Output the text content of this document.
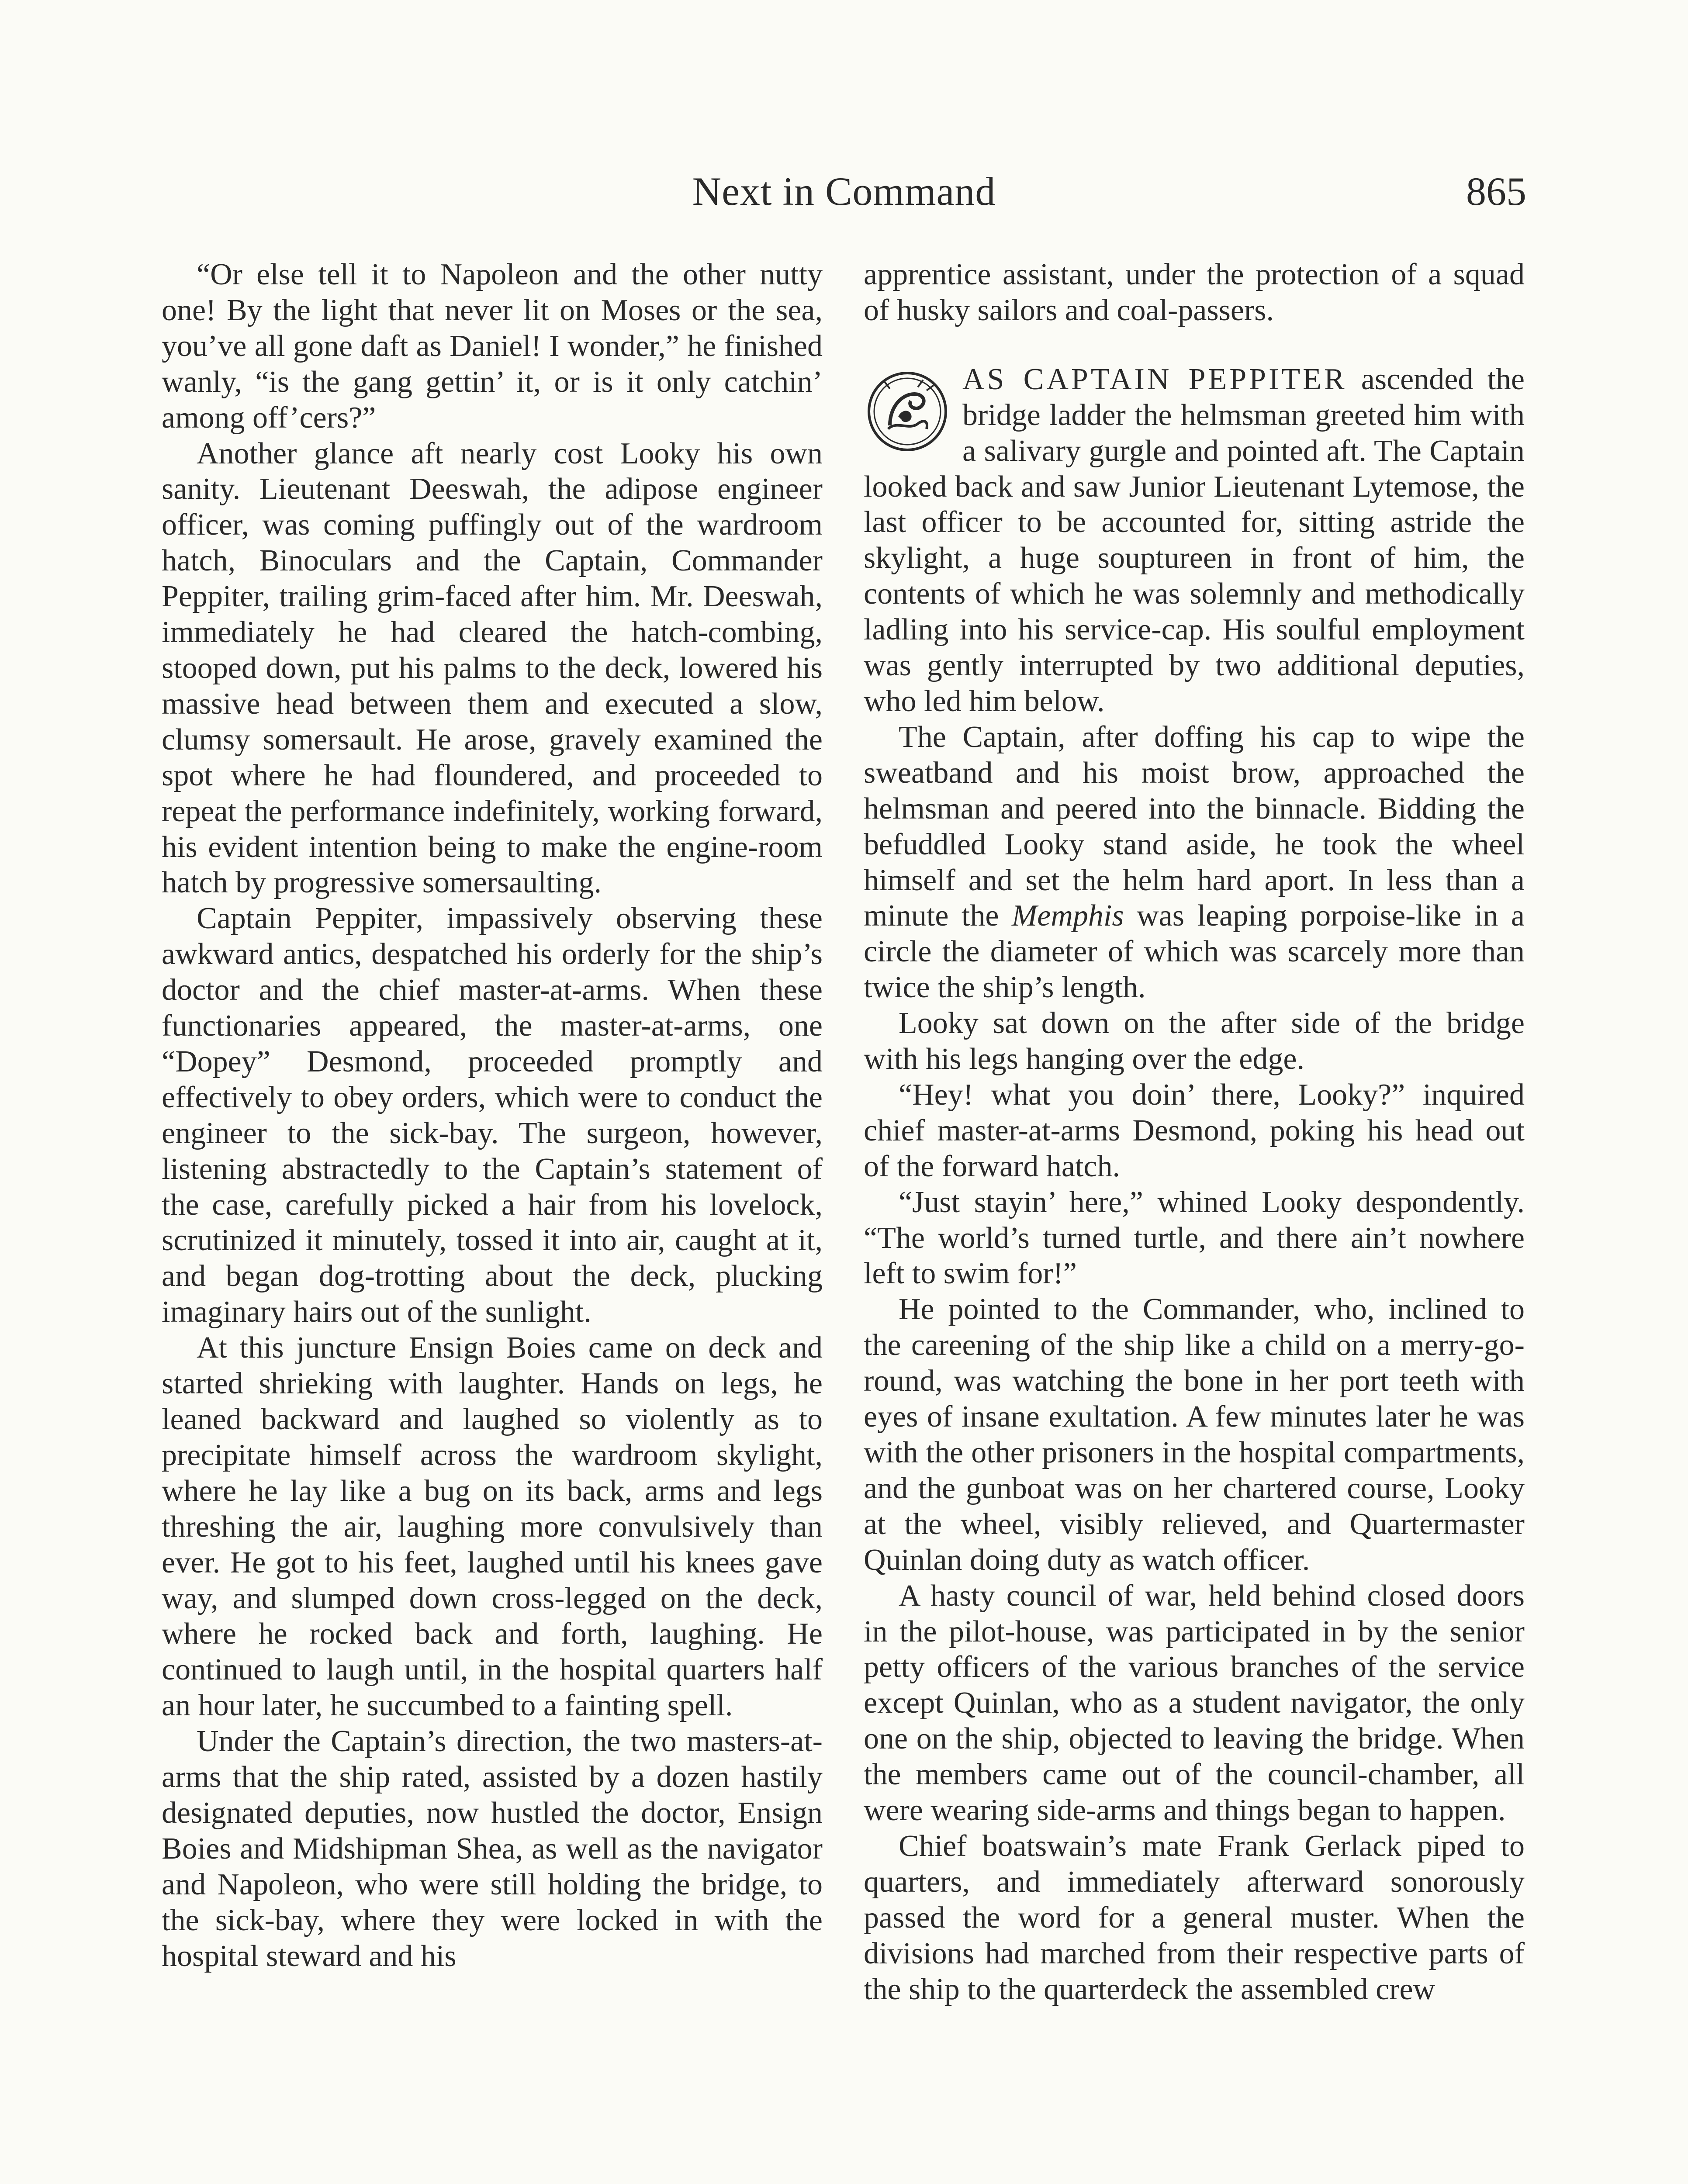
Next in Command	865

“Or else tell it to Napoleon and the other nutty one! By the light that never lit on Moses or the sea, you’ve all gone daft as Daniel! I wonder,” he finished wanly, “is the gang gettin’ it, or is it only catchin’ among off’cers?”

Another glance aft nearly cost Looky his own sanity. Lieutenant Deeswah, the adipose engineer officer, was coming puffingly out of the wardroom hatch, Binoculars and the Captain, Commander Peppiter, trailing grim-faced after him. Mr. Deeswah, immediately he had cleared the hatch-combing, stooped down, put his palms to the deck, lowered his massive head between them and executed a slow, clumsy somersault. He arose, gravely examined the spot where he had floundered, and proceeded to repeat the performance indefinitely, working forward, his evident intention being to make the engine-room hatch by progressive somersaulting.

Captain Peppiter, impassively observing these awkward antics, despatched his orderly for the ship’s doctor and the chief master-at-arms. When these functionaries appeared, the master-at-arms, one “Dopey” Desmond, proceeded promptly and effectively to obey orders, which were to conduct the engineer to the sick-bay. The surgeon, however, listening abstractedly to the Captain’s statement of the case, carefully picked a hair from his lovelock, scrutinized it minutely, tossed it into air, caught at it, and began dog-trotting about the deck, plucking imaginary hairs out of the sunlight.

At this juncture Ensign Boies came on deck and started shrieking with laughter. Hands on legs, he leaned backward and laughed so violently as to precipitate himself across the wardroom skylight, where he lay like a bug on its back, arms and legs threshing the air, laughing more convulsively than ever. He got to his feet, laughed until his knees gave way, and slumped down cross-legged on the deck, where he rocked back and forth, laughing. He continued to laugh until, in the hospital quarters half an hour later, he succumbed to a fainting spell.

Under the Captain’s direction, the two masters-at-arms that the ship rated, assisted by a dozen hastily designated deputies, now hustled the doctor, Ensign Boies and Midshipman Shea, as well as the navigator and Napoleon, who were still holding the bridge, to the sick-bay, where they were locked in with the hospital steward and his

apprentice assistant, under the protection of a squad of husky sailors and coal-passers.

AS CAPTAIN PEPPITER ascended the bridge ladder the helmsman greeted him with a salivary gurgle and pointed aft. The Captain looked back and saw Junior Lieutenant Lytemose, the last officer to be accounted for, sitting astride the skylight, a huge souptureen in front of him, the contents of which he was solemnly and methodically ladling into his service-cap. His soulful employment was gently interrupted by two additional deputies, who led him below.

The Captain, after doffing his cap to wipe the sweatband and his moist brow, approached the helmsman and peered into the binnacle. Bidding the befuddled Looky stand aside, he took the wheel himself and set the helm hard aport. In less than a minute the Memphis was leaping porpoise-like in a circle the diameter of which was scarcely more than twice the ship’s length.

Looky sat down on the after side of the bridge with his legs hanging over the edge.

“Hey! what you doin’ there, Looky?” inquired chief master-at-arms Desmond, poking his head out of the forward hatch.

“Just stayin’ here,” whined Looky despondently. “The world’s turned turtle, and there ain’t nowhere left to swim for!”

He pointed to the Commander, who, inclined to the careening of the ship like a child on a merry-go-round, was watching the bone in her port teeth with eyes of insane exultation. A few minutes later he was with the other prisoners in the hospital compartments, and the gunboat was on her chartered course, Looky at the wheel, visibly relieved, and Quartermaster Quinlan doing duty as watch officer.

A hasty council of war, held behind closed doors in the pilot-house, was participated in by the senior petty officers of the various branches of the service except Quinlan, who as a student navigator, the only one on the ship, objected to leaving the bridge. When the members came out of the council-chamber, all were wearing side-arms and things began to happen.

Chief boatswain’s mate Frank Gerlack piped to quarters, and immediately afterward sonorously passed the word for a general muster. When the divisions had marched from their respective parts of the ship to the quarterdeck the assembled crew
